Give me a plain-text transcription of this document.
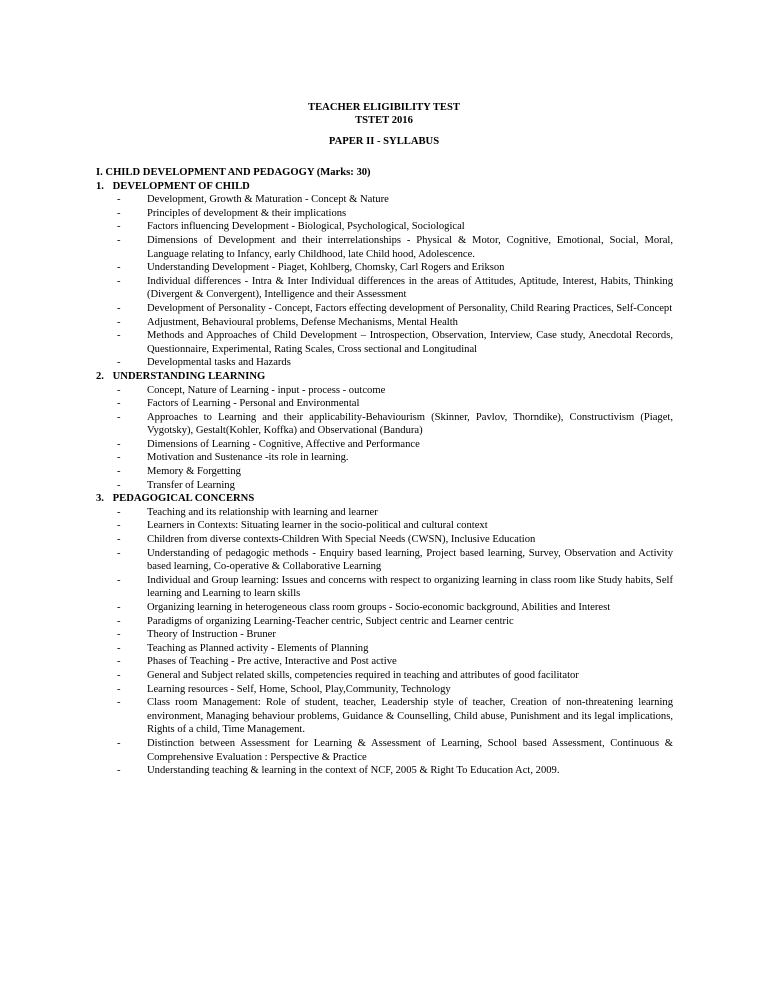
TEACHER ELIGIBILITY TEST
TSTET 2016
PAPER II - SYLLABUS
I. CHILD DEVELOPMENT AND PEDAGOGY (Marks: 30)
1. DEVELOPMENT OF CHILD
- Development, Growth & Maturation - Concept & Nature
- Principles of development & their implications
- Factors influencing Development - Biological, Psychological, Sociological
- Dimensions of Development and their interrelationships - Physical & Motor, Cognitive, Emotional, Social, Moral, Language relating to Infancy, early Childhood, late Child hood, Adolescence.
- Understanding Development - Piaget, Kohlberg, Chomsky, Carl Rogers and Erikson
- Individual differences - Intra & Inter Individual differences in the areas of Attitudes, Aptitude, Interest, Habits, Thinking (Divergent & Convergent), Intelligence and their Assessment
- Development of Personality - Concept, Factors effecting development of Personality, Child Rearing Practices, Self-Concept
- Adjustment, Behavioural problems, Defense Mechanisms, Mental Health
- Methods and Approaches of Child Development – Introspection, Observation, Interview, Case study, Anecdotal Records, Questionnaire, Experimental, Rating Scales, Cross sectional and Longitudinal
- Developmental tasks and Hazards
2. UNDERSTANDING LEARNING
- Concept, Nature of Learning - input - process - outcome
- Factors of Learning - Personal and Environmental
- Approaches to Learning and their applicability-Behaviourism (Skinner, Pavlov, Thorndike), Constructivism (Piaget, Vygotsky), Gestalt(Kohler, Koffka) and Observational (Bandura)
- Dimensions of Learning - Cognitive, Affective and Performance
- Motivation and Sustenance -its role in learning.
- Memory & Forgetting
- Transfer of Learning
3. PEDAGOGICAL CONCERNS
- Teaching and its relationship with learning and learner
- Learners in Contexts: Situating learner in the socio-political and cultural context
- Children from diverse contexts-Children With Special Needs (CWSN), Inclusive Education
- Understanding of pedagogic methods - Enquiry based learning, Project based learning, Survey, Observation and Activity based learning, Co-operative & Collaborative Learning
- Individual and Group learning: Issues and concerns with respect to organizing learning in class room like Study habits, Self learning and Learning to learn skills
- Organizing learning in heterogeneous class room groups - Socio-economic background, Abilities and Interest
- Paradigms of organizing Learning-Teacher centric, Subject centric and Learner centric
- Theory of Instruction - Bruner
- Teaching as Planned activity - Elements of Planning
- Phases of Teaching - Pre active, Interactive and Post active
- General and Subject related skills, competencies required in teaching and attributes of good facilitator
- Learning resources - Self, Home, School, Play,Community, Technology
- Class room Management: Role of student, teacher, Leadership style of teacher, Creation of non-threatening learning environment, Managing behaviour problems, Guidance & Counselling, Child abuse, Punishment and its legal implications, Rights of a child, Time Management.
- Distinction between Assessment for Learning & Assessment of Learning, School based Assessment, Continuous & Comprehensive Evaluation : Perspective & Practice
- Understanding teaching & learning in the context of NCF, 2005 & Right To Education Act, 2009.
